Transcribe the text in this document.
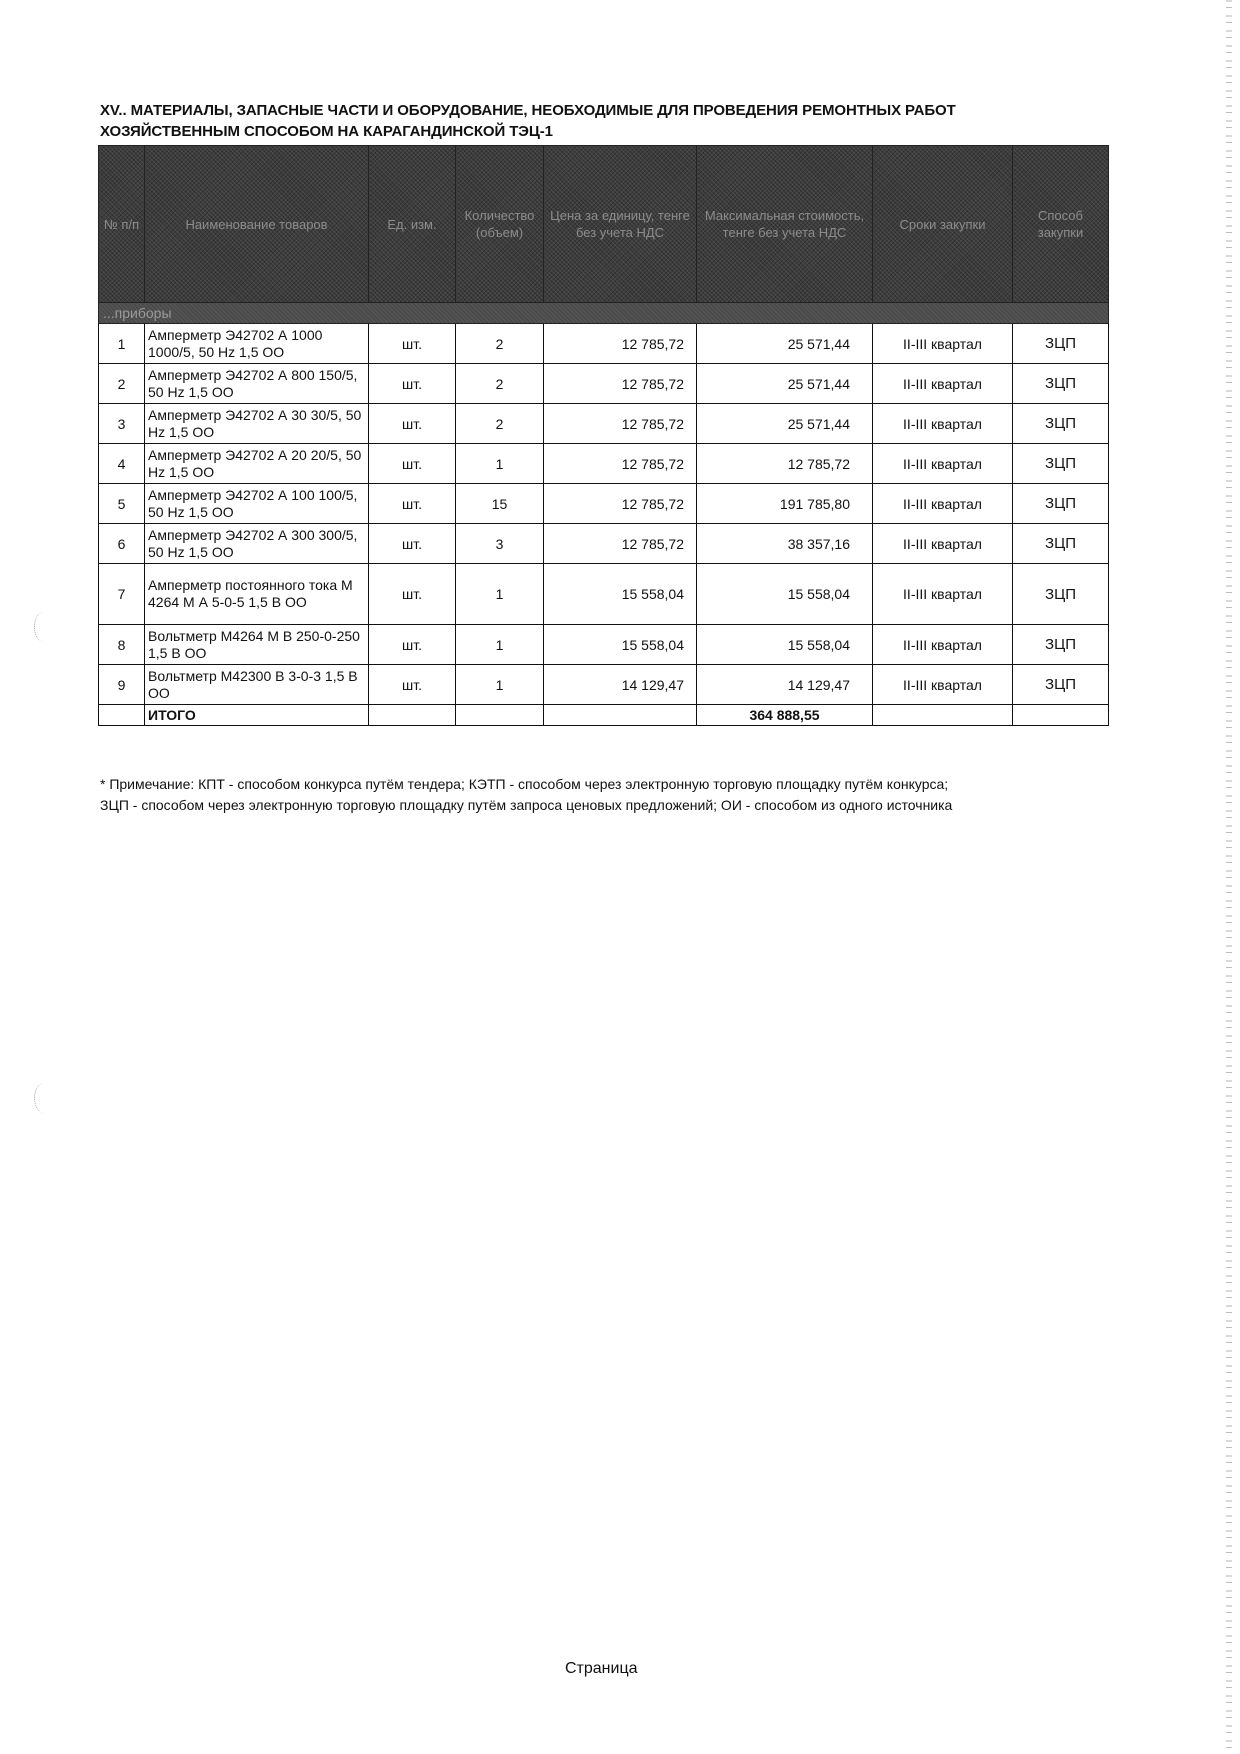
XV.. МАТЕРИАЛЫ, ЗАПАСНЫЕ ЧАСТИ И ОБОРУДОВАНИЕ, НЕОБХОДИМЫЕ ДЛЯ ПРОВЕДЕНИЯ РЕМОНТНЫХ РАБОТ
ХОЗЯЙСТВЕННЫМ СПОСОБОМ НА КАРАГАНДИНСКОЙ ТЭЦ-1
№ п/п	Наименование товаров	Ед. изм.	Количество (объем)	Цена за единицу, тенге без учета НДС	Максимальная стоимость, тенге без учета НДС	Сроки закупки	Способ закупки
...приборы							
1	Амперметр Э42702 А 1000 1000/5, 50 Hz 1,5 OO	шт.	2	12 785,72	25 571,44	II-III квартал	ЗЦП
2	Амперметр Э42702 А 800 150/5, 50 Hz 1,5 OO	шт.	2	12 785,72	25 571,44	II-III квартал	ЗЦП
3	Амперметр Э42702 А 30 30/5, 50 Hz 1,5 OO	шт.	2	12 785,72	25 571,44	II-III квартал	ЗЦП
4	Амперметр Э42702 А 20 20/5, 50 Hz 1,5 OO	шт.	1	12 785,72	12 785,72	II-III квартал	ЗЦП
5	Амперметр Э42702 А 100 100/5, 50 Hz 1,5 OO	шт.	15	12 785,72	191 785,80	II-III квартал	ЗЦП
6	Амперметр Э42702 А 300 300/5, 50 Hz 1,5 OO	шт.	3	12 785,72	38 357,16	II-III квартал	ЗЦП
7	Амперметр постоянного тока М 4264 М А 5-0-5 1,5 В OO	шт.	1	15 558,04	15 558,04	II-III квартал	ЗЦП
8	Вольтметр М4264 М В 250-0-250 1,5 В OO	шт.	1	15 558,04	15 558,04	II-III квартал	ЗЦП
9	Вольтметр М42300 В 3-0-3 1,5 В OO	шт.	1	14 129,47	14 129,47	II-III квартал	ЗЦП
	ИТОГО				364 888,55		
* Примечание: КПТ - способом конкурса путём тендера; КЭТП - способом через электронную торговую площадку путём конкурса;
ЗЦП - способом через электронную торговую площадку путём запроса ценовых предложений; ОИ - способом из одного источника
Страница
